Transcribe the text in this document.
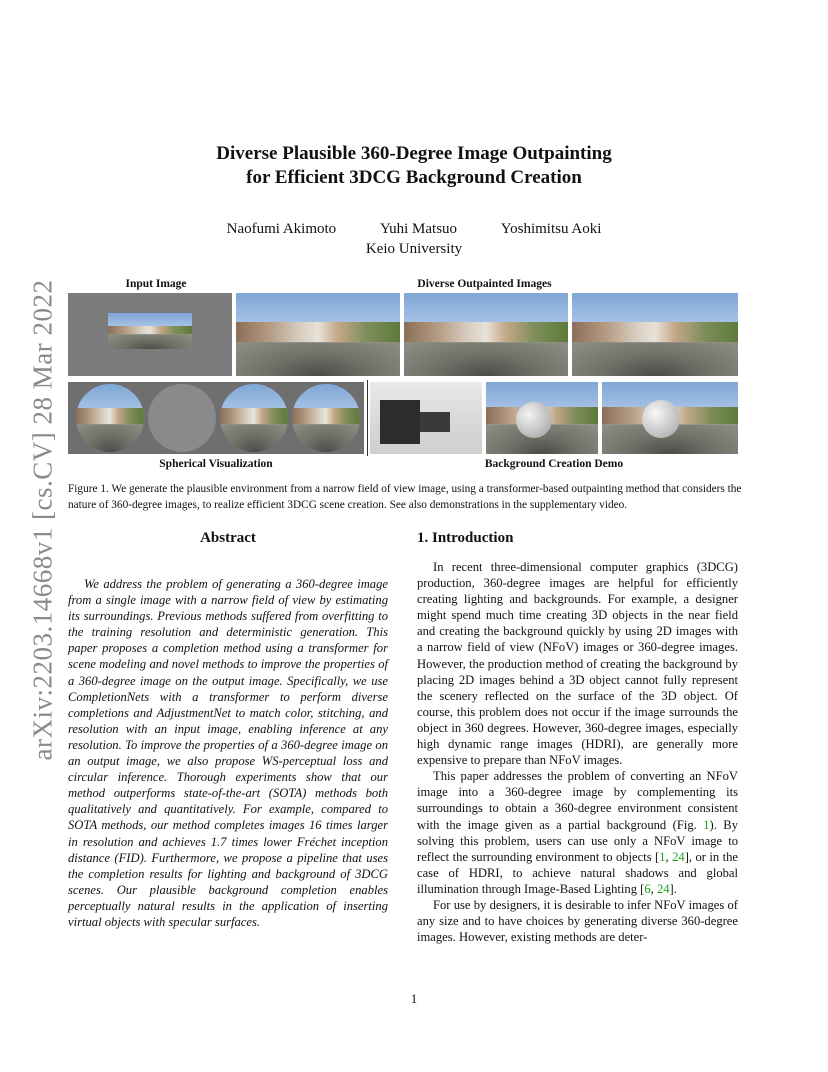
arXiv:2203.14668v1 [cs.CV] 28 Mar 2022
Diverse Plausible 360-Degree Image Outpainting
for Efficient 3DCG Background Creation
Naofumi Akimoto	Yuhi Matsuo	Yoshimitsu Aoki
Keio University
Input Image	Diverse Outpainted Images
Spherical Visualization	Background Creation Demo
Figure 1. We generate the plausible environment from a narrow field of view image, using a transformer-based outpainting method that considers the nature of 360-degree images, to realize efficient 3DCG scene creation. See also demonstrations in the supplementary video.
Abstract

We address the problem of generating a 360-degree image from a single image with a narrow field of view by estimating its surroundings. Previous methods suffered from overfitting to the training resolution and deterministic generation. This paper proposes a completion method using a transformer for scene modeling and novel methods to improve the properties of a 360-degree image on the output image. Specifically, we use CompletionNets with a transformer to perform diverse completions and AdjustmentNet to match color, stitching, and resolution with an input image, enabling inference at any resolution. To improve the properties of a 360-degree image on an output image, we also propose WS-perceptual loss and circular inference. Thorough experiments show that our method outperforms state-of-the-art (SOTA) methods both qualitatively and quantitatively. For example, compared to SOTA methods, our method completes images 16 times larger in resolution and achieves 1.7 times lower Fréchet inception distance (FID). Furthermore, we propose a pipeline that uses the completion results for lighting and background of 3DCG scenes. Our plausible background completion enables perceptually natural results in the application of inserting virtual objects with specular surfaces.

1. Introduction

In recent three-dimensional computer graphics (3DCG) production, 360-degree images are helpful for efficiently creating lighting and backgrounds. For example, a designer might spend much time creating 3D objects in the near field and creating the background quickly by using 2D images with a narrow field of view (NFoV) images or 360-degree images. However, the production method of creating the background by placing 2D images behind a 3D object cannot fully represent the scenery reflected on the surface of the 3D object. Of course, this problem does not occur if the image surrounds the object in 360 degrees. However, 360-degree images, especially high dynamic range images (HDRI), are generally more expensive to prepare than NFoV images.

This paper addresses the problem of converting an NFoV image into a 360-degree image by complementing its surroundings to obtain a 360-degree environment consistent with the image given as a partial background (Fig. 1). By solving this problem, users can use only a NFoV image to reflect the surrounding environment to objects [1, 24], or in the case of HDRI, to achieve natural shadows and global illumination through Image-Based Lighting [6, 24].

For use by designers, it is desirable to infer NFoV images of any size and to have choices by generating diverse 360-degree images. However, existing methods are deter-

1
